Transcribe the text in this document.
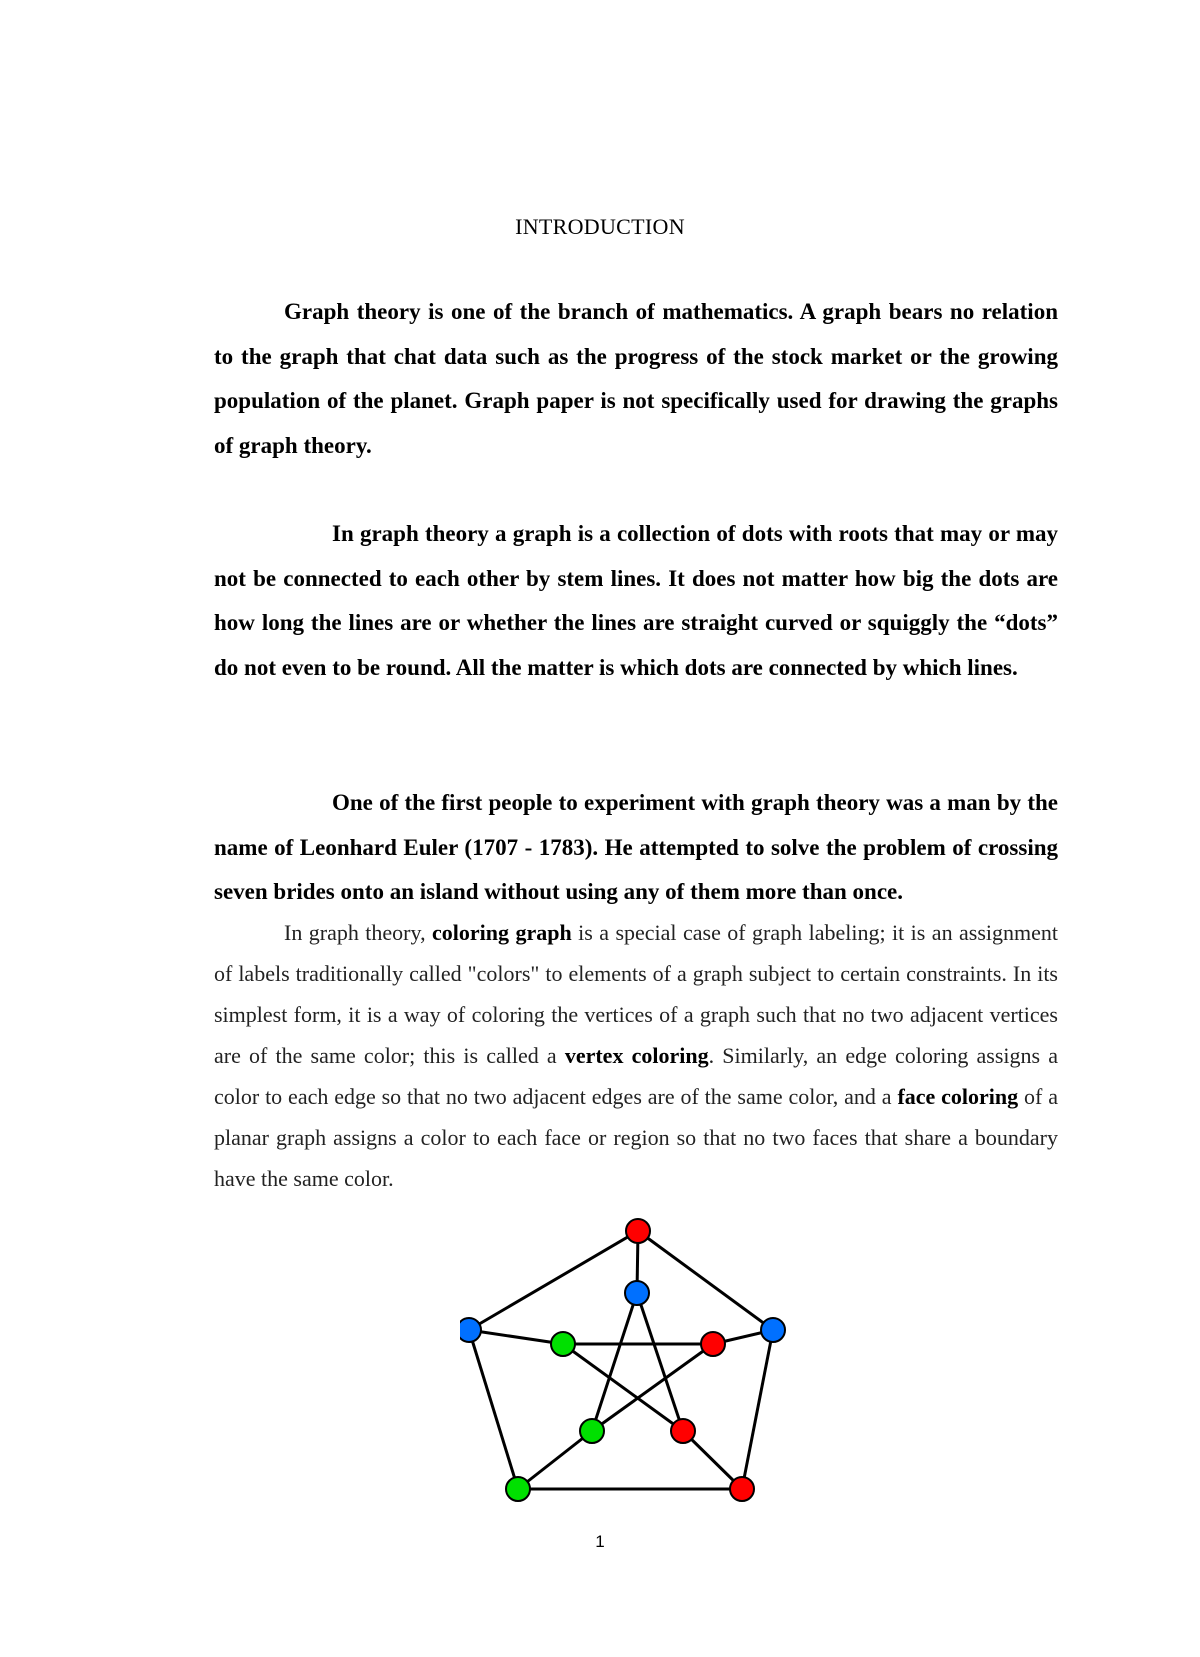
INTRODUCTION

Graph theory is one of the branch of mathematics. A graph bears no relation to the graph that chat data such as the progress of the stock market or the growing population of the planet. Graph paper is not specifically used for drawing the graphs of graph theory.

In graph theory a graph is a collection of dots with roots that may or may not be connected to each other by stem lines. It does not matter how big the dots are how long the lines are or whether the lines are straight curved or squiggly the “dots” do not even to be round. All the matter is which dots are connected by which lines.

One of the first people to experiment with graph theory was a man by the name of Leonhard Euler (1707 - 1783). He attempted to solve the problem of crossing seven brides onto an island without using any of them more than once.

In graph theory, coloring graph is a special case of graph labeling; it is an assignment of labels traditionally called "colors" to elements of a graph subject to certain constraints. In its simplest form, it is a way of coloring the vertices of a graph such that no two adjacent vertices are of the same color; this is called a vertex coloring. Similarly, an edge coloring assigns a color to each edge so that no two adjacent edges are of the same color, and a face coloring of a planar graph assigns a color to each face or region so that no two faces that share a boundary have the same color.

1
